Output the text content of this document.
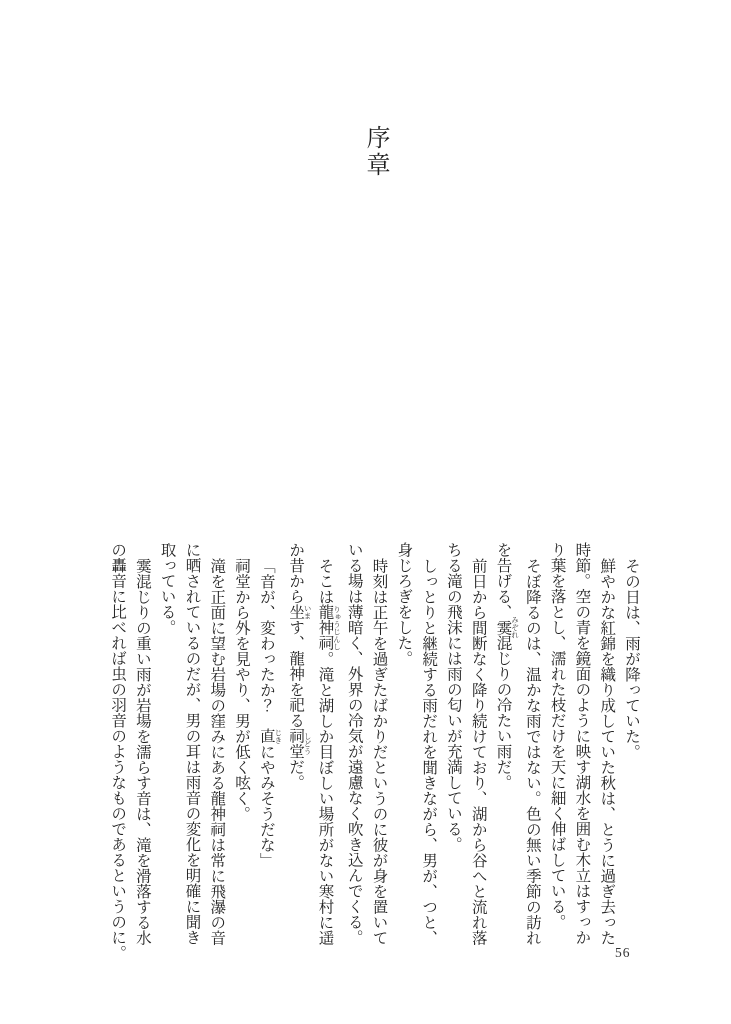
序章
その日は、雨が降っていた。
鮮やかな紅錦を織り成していた秋は、とうに過ぎ去った
時節。空の青を鏡面のように映す湖水を囲む木立はすっか
り葉を落とし、濡れた枝だけを天に細く伸ばしている。
そぼ降るのは、温かな雨ではない。色の無い季節の訪れ
を告げる、霙 みぞれ混じりの冷たい雨だ。
前日から間断なく降り続けており、湖から谷へと流れ落
ちる滝の飛沫には雨の匂いが充満している。
しっとりと継続する雨だれを聞きながら、男が、つと、
身じろぎをした。
時刻は正午を過ぎたばかりだというのに彼が身を置いて
いる場は薄暗く、外界の冷気が遠慮なく吹き込んでくる。
そこは龍神祠 りゅうじんし。滝と湖しか目ぼしい場所がない寒村に遥
か昔から坐 います、龍神を祀る祠堂 しどうだ。
「音が、変わったか？　直 じきにやみそうだな」
祠堂から外を見やり、男が低く呟く。
滝を正面に望む岩場の窪みにある龍神祠は常に飛瀑の音
に晒されているのだが、男の耳は雨音の変化を明確に聞き
取っている。
霙混じりの重い雨が岩場を濡らす音は、滝を滑落する水
の轟音に比べれば虫の羽音のようなものであるというのに。	56
